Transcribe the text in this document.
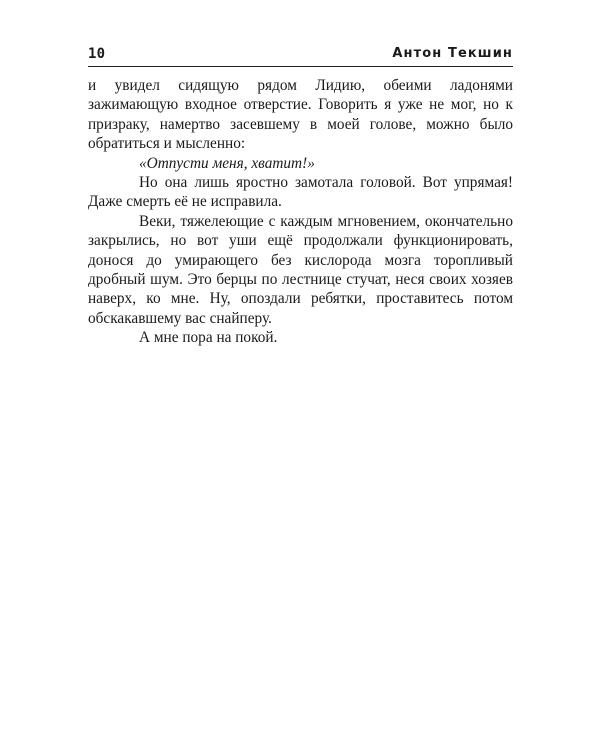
10	Антон Текшин

и увидел сидящую рядом Лидию, обеими ладонями зажимающую входное отверстие. Говорить я уже не мог, но к призраку, намертво засевшему в моей голове, можно было обратиться и мысленно:

«Отпусти меня, хватит!»

Но она лишь яростно замотала головой. Вот упрямая! Даже смерть её не исправила.

Веки, тяжелеющие с каждым мгновением, окончательно закрылись, но вот уши ещё продолжали функционировать, донося до умирающего без кислорода мозга торопливый дробный шум. Это берцы по лестнице стучат, неся своих хозяев наверх, ко мне. Ну, опоздали ребятки, проставитесь потом обскакавшему вас снайперу.

А мне пора на покой.
